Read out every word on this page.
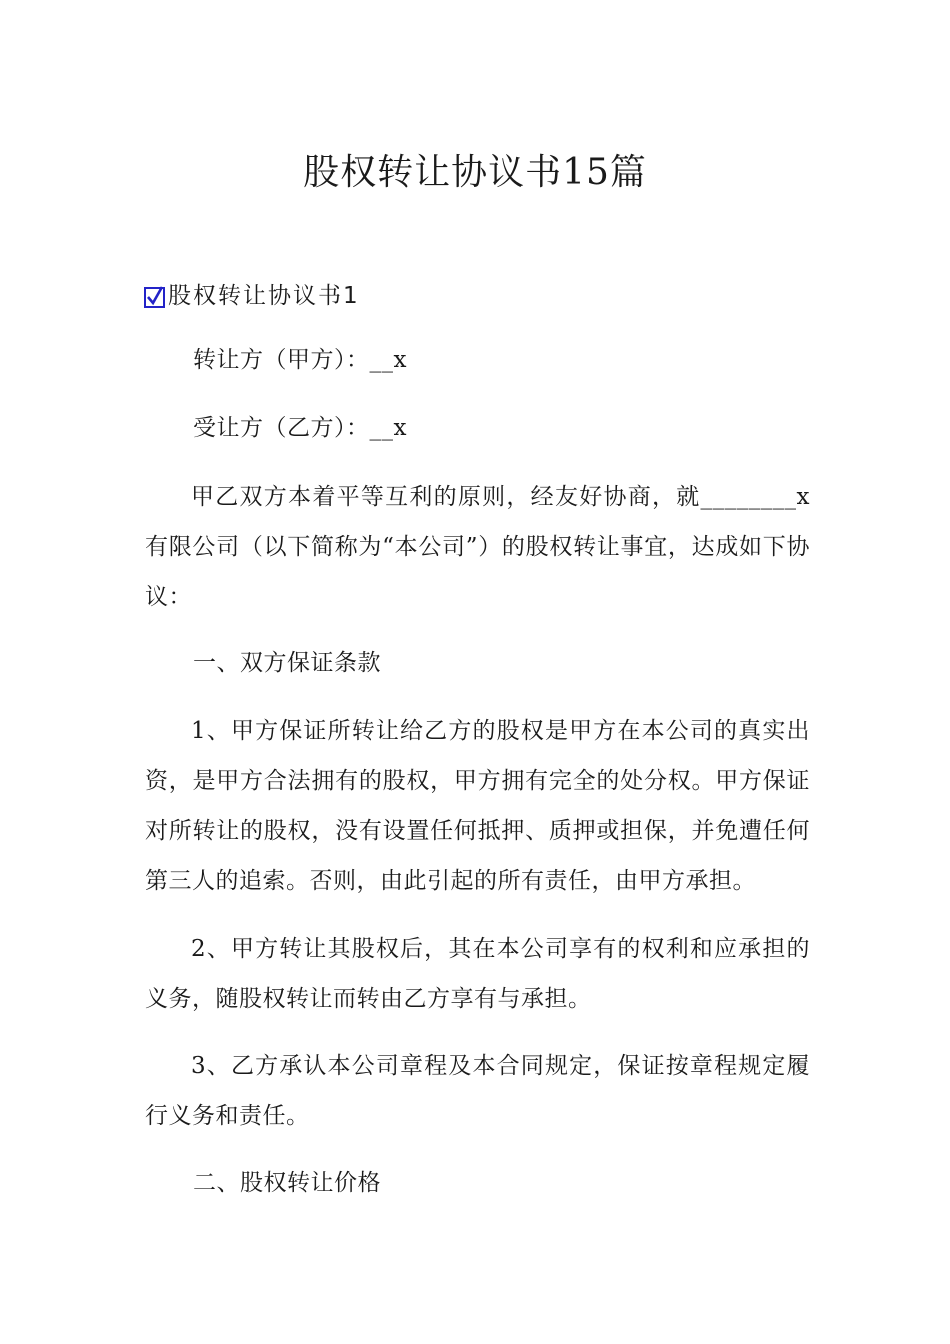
股权转让协议书15篇
股权转让协议书1
转让方（甲方）：__x
受让方（乙方）：__x
甲乙双方本着平等互利的原则，经友好协商，就________x有限公司（以下简称为“本公司”）的股权转让事宜，达成如下协议：
一、双方保证条款
1、甲方保证所转让给乙方的股权是甲方在本公司的真实出资，是甲方合法拥有的股权，甲方拥有完全的处分权。甲方保证对所转让的股权，没有设置任何抵押、质押或担保，并免遭任何第三人的追索。否则，由此引起的所有责任，由甲方承担。
2、甲方转让其股权后，其在本公司享有的权利和应承担的义务，随股权转让而转由乙方享有与承担。
3、乙方承认本公司章程及本合同规定，保证按章程规定履行义务和责任。
二、股权转让价格
